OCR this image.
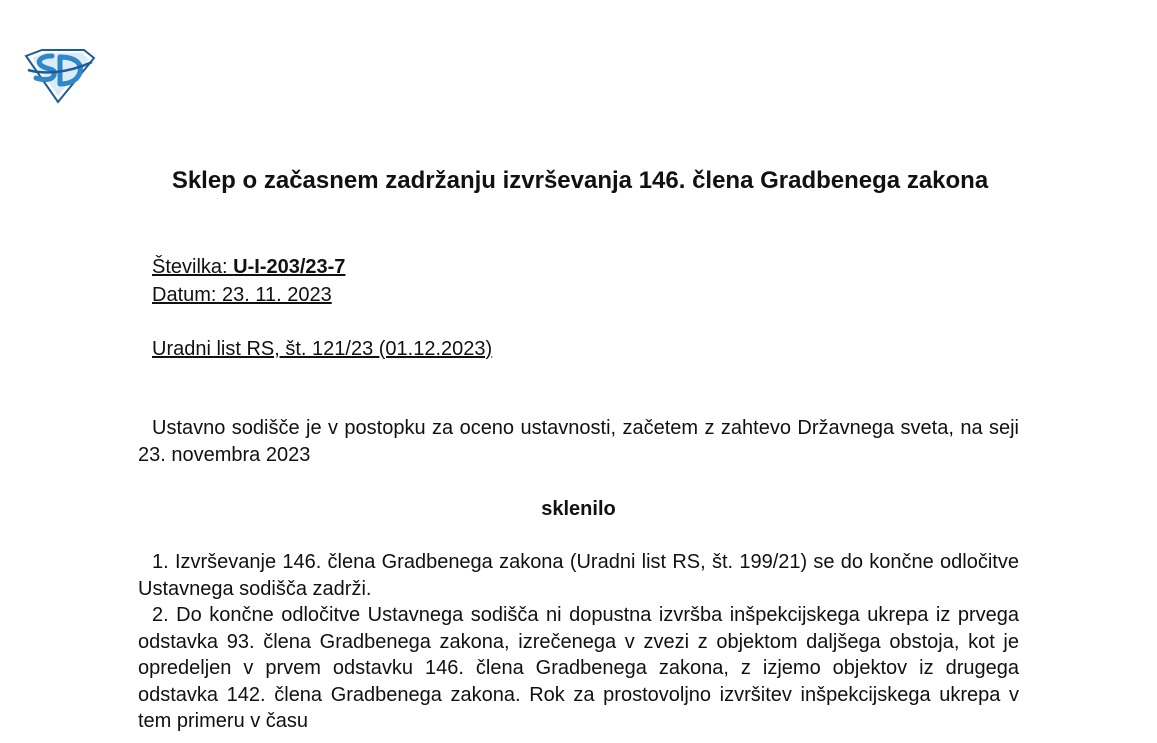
Sklep o začasnem zadržanju izvrševanja 146. člena Gradbenega zakona
Številka: U-I-203/23-7
Datum: 23. 11. 2023
Uradni list RS, št. 121/23 (01.12.2023)

Ustavno sodišče je v postopku za oceno ustavnosti, začetem z zahtevo Državnega sveta, na seji 23. novembra 2023

sklenilo

1. Izvrševanje 146. člena Gradbenega zakona (Uradni list RS, št. 199/21) se do končne odločitve Ustavnega sodišča zadrži.

2. Do končne odločitve Ustavnega sodišča ni dopustna izvršba inšpekcijskega ukrepa iz prvega odstavka 93. člena Gradbenega zakona, izrečenega v zvezi z objektom daljšega obstoja, kot je opredeljen v prvem odstavku 146. člena Gradbenega zakona, z izjemo objektov iz drugega odstavka 142. člena Gradbenega zakona. Rok za prostovoljno izvršitev inšpekcijskega ukrepa v tem primeru v času
